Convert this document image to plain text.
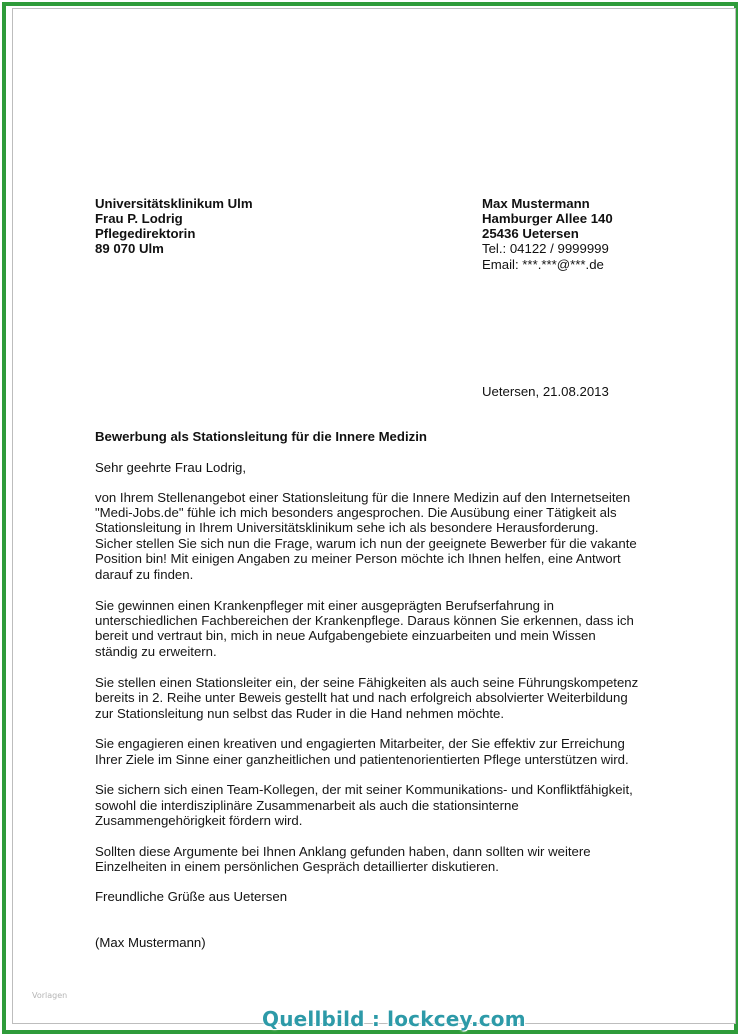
Universitätsklinikum Ulm
Frau P. Lodrig
Pflegedirektorin
89 070 Ulm
Max Mustermann
Hamburger Allee 140
25436 Uetersen
Tel.: 04122 / 9999999
Email: ***.***@***.de
Uetersen, 21.08.2013
Bewerbung als Stationsleitung für die Innere Medizin
Sehr geehrte Frau Lodrig,
von Ihrem Stellenangebot einer Stationsleitung für die Innere Medizin auf den Internetseiten
"Medi-Jobs.de" fühle ich mich besonders angesprochen. Die Ausübung einer Tätigkeit als
Stationsleitung in Ihrem Universitätsklinikum sehe ich als besondere Herausforderung.
Sicher stellen Sie sich nun die Frage, warum ich nun der geeignete Bewerber für die vakante
Position bin! Mit einigen Angaben zu meiner Person möchte ich Ihnen helfen, eine Antwort
darauf zu finden.
Sie gewinnen einen Krankenpfleger mit einer ausgeprägten Berufserfahrung in
unterschiedlichen Fachbereichen der Krankenpflege. Daraus können Sie erkennen, dass ich
bereit und vertraut bin, mich in neue Aufgabengebiete einzuarbeiten und mein Wissen
ständig zu erweitern.
Sie stellen einen Stationsleiter ein, der seine Fähigkeiten als auch seine Führungskompetenz
bereits in 2. Reihe unter Beweis gestellt hat und nach erfolgreich absolvierter Weiterbildung
zur Stationsleitung nun selbst das Ruder in die Hand nehmen möchte.
Sie engagieren einen kreativen und engagierten Mitarbeiter, der Sie effektiv zur Erreichung
Ihrer Ziele im Sinne einer ganzheitlichen und patientenorientierten Pflege unterstützen wird.
Sie sichern sich einen Team-Kollegen, der mit seiner Kommunikations- und Konfliktfähigkeit,
sowohl die interdisziplinäre Zusammenarbeit als auch die stationsinterne
Zusammengehörigkeit fördern wird.
Sollten diese Argumente bei Ihnen Anklang gefunden haben, dann sollten wir weitere
Einzelheiten in einem persönlichen Gespräch detaillierter diskutieren.
Freundliche Grüße aus Uetersen
(Max Mustermann)
Vorlagen
Quellbild : lockcey.com
